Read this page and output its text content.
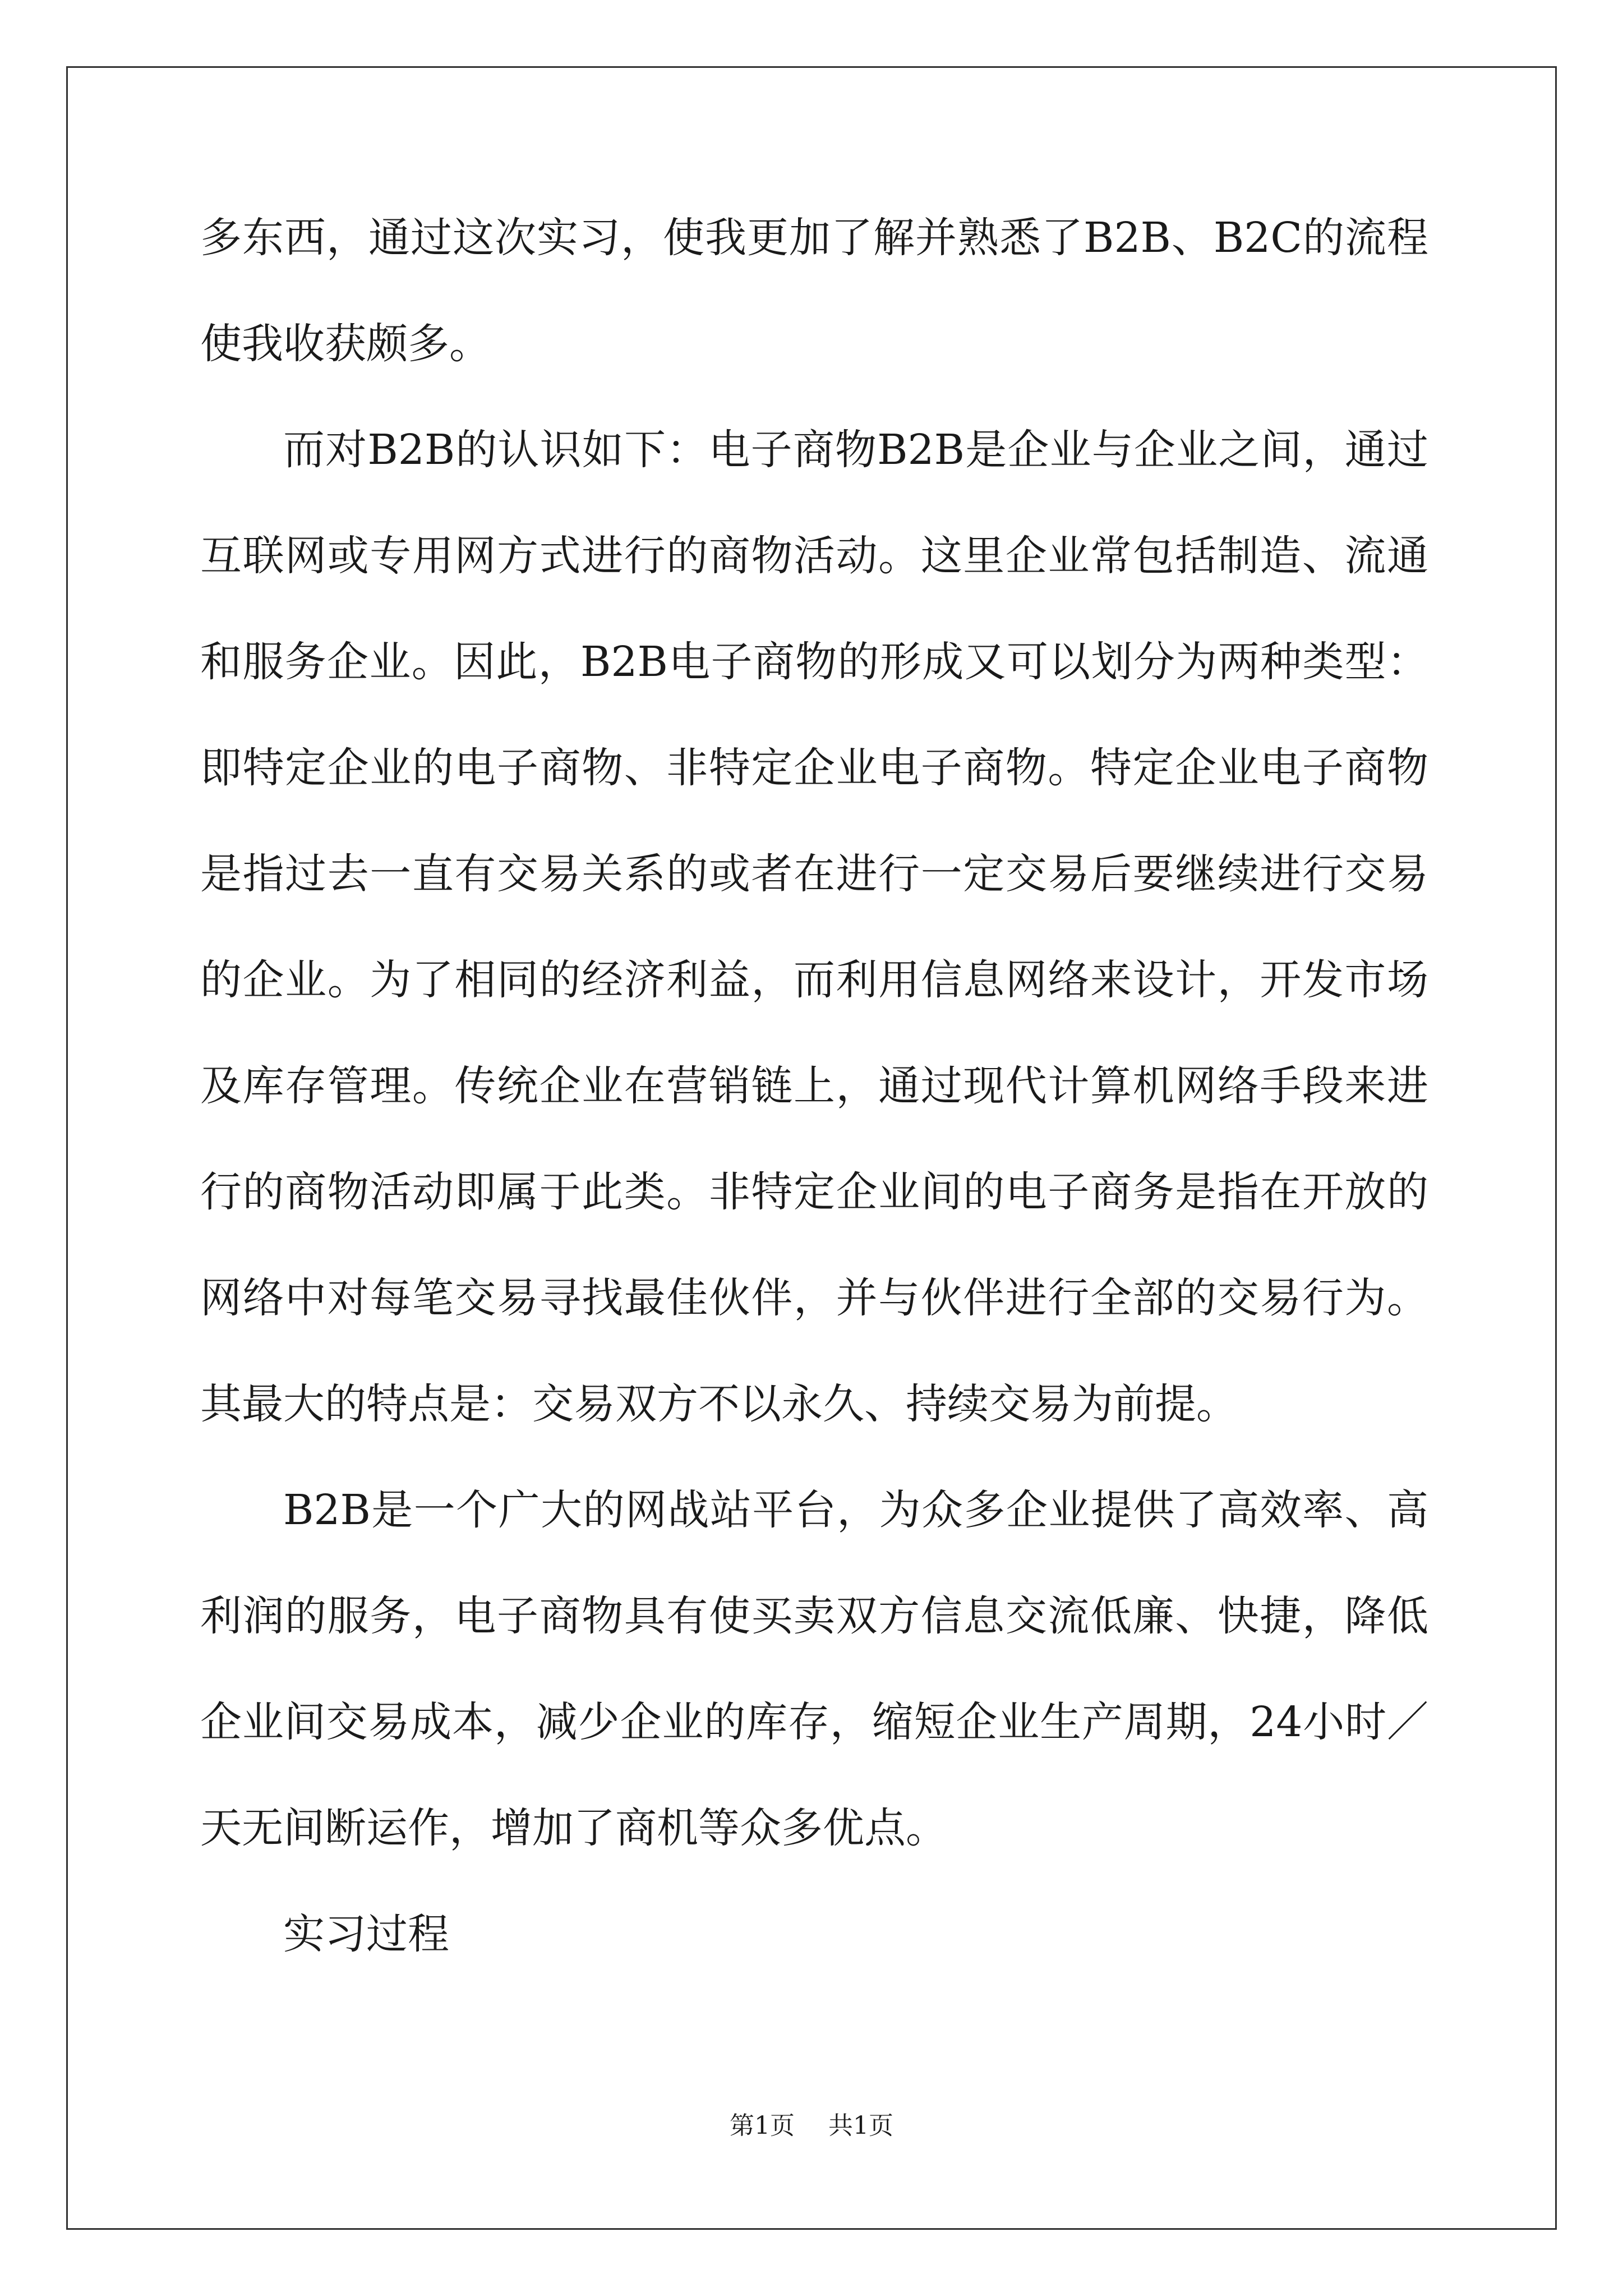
多东西，通过这次实习，使我更加了解并熟悉了B2B、B2C的流程使我收获颇多。

而对B2B的认识如下：电子商物B2B是企业与企业之间，通过互联网或专用网方式进行的商物活动。这里企业常包括制造、流通和服务企业。因此，B2B电子商物的形成又可以划分为两种类型：即特定企业的电子商物、非特定企业电子商物。特定企业电子商物是指过去一直有交易关系的或者在进行一定交易后要继续进行交易的企业。为了相同的经济利益，而利用信息网络来设计，开发市场及库存管理。传统企业在营销链上，通过现代计算机网络手段来进行的商物活动即属于此类。非特定企业间的电子商务是指在开放的网络中对每笔交易寻找最佳伙伴，并与伙伴进行全部的交易行为。其最大的特点是：交易双方不以永久、持续交易为前提。

B2B是一个广大的网战站平台，为众多企业提供了高效率、高利润的服务，电子商物具有使买卖双方信息交流低廉、快捷，降低企业间交易成本，减少企业的库存，缩短企业生产周期，24小时／天无间断运作，增加了商机等众多优点。

实习过程

第1页 共1页
